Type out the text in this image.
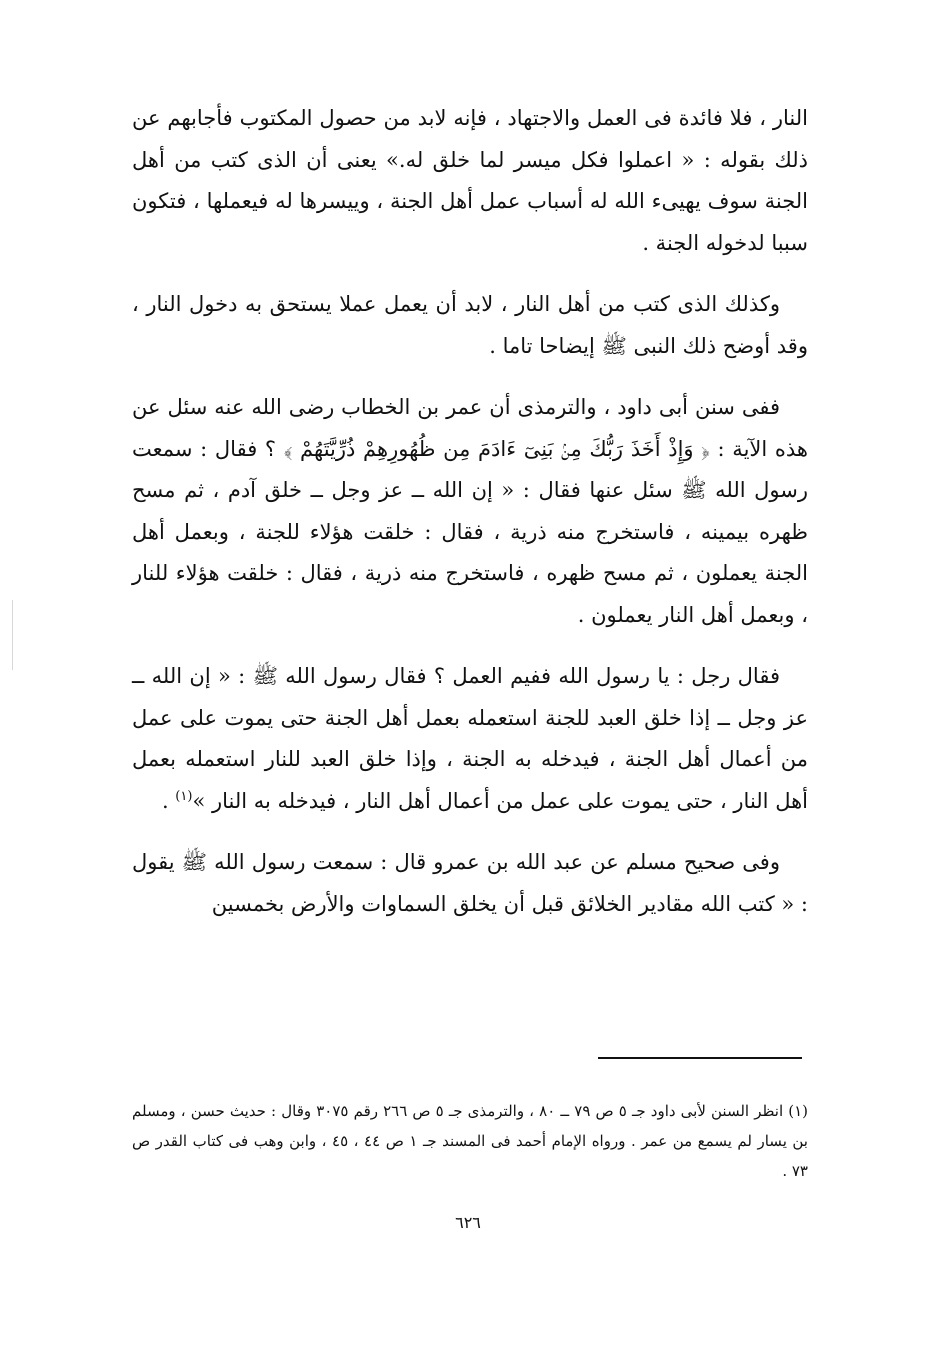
النار ، فلا فائدة فى العمل والاجتهاد ، فإنه لابد من حصول المكتوب فأجابهم عن ذلك بقوله : « اعملوا فكل ميسر لما خلق له.» يعنى أن الذى كتب من أهل الجنة سوف يهيىء الله له أسباب عمل أهل الجنة ، وييسرها له فيعملها ، فتكون سببا لدخوله الجنة .

وكذلك الذى كتب من أهل النار ، لابد أن يعمل عملا يستحق به دخول النار ، وقد أوضح ذلك النبى ﷺ إيضاحا تاما .

ففى سنن أبى داود ، والترمذى أن عمر بن الخطاب رضى الله عنه سئل عن هذه الآية : ﴿ وَإِذْ أَخَذَ رَبُّكَ مِنۢ بَنِىٓ ءَادَمَ مِن ظُهُورِهِمْ ذُرِّيَّتَهُمْ ﴾ ؟ فقال : سمعت رسول الله ﷺ سئل عنها فقال : « إن الله ــ عز وجل ــ خلق آدم ، ثم مسح ظهره بيمينه ، فاستخرج منه ذرية ، فقال : خلقت هؤلاء للجنة ، وبعمل أهل الجنة يعملون ، ثم مسح ظهره ، فاستخرج منه ذرية ، فقال : خلقت هؤلاء للنار ، وبعمل أهل النار يعملون .

فقال رجل : يا رسول الله ففيم العمل ؟ فقال رسول الله ﷺ : « إن الله ــ عز وجل ــ إذا خلق العبد للجنة استعمله بعمل أهل الجنة حتى يموت على عمل من أعمال أهل الجنة ، فيدخله به الجنة ، وإذا خلق العبد للنار استعمله بعمل أهل النار ، حتى يموت على عمل من أعمال أهل النار ، فيدخله به النار »$^{(١)}$ .

وفى صحيح مسلم عن عبد الله بن عمرو قال : سمعت رسول الله ﷺ يقول : « كتب الله مقادير الخلائق قبل أن يخلق السماوات والأرض بخمسين

(١) انظر السنن لأبى داود جـ ٥ ص ٧٩ ــ ٨٠ ، والترمذى جـ ٥ ص ٢٦٦ رقم ٣٠٧٥ وقال : حديث حسن ، ومسلم بن يسار لم يسمع من عمر . ورواه الإمام أحمد فى المسند جـ ١ ص ٤٤ ، ٤٥ ، وابن وهب فى كتاب القدر ص ٧٣ .
٦٢٦
